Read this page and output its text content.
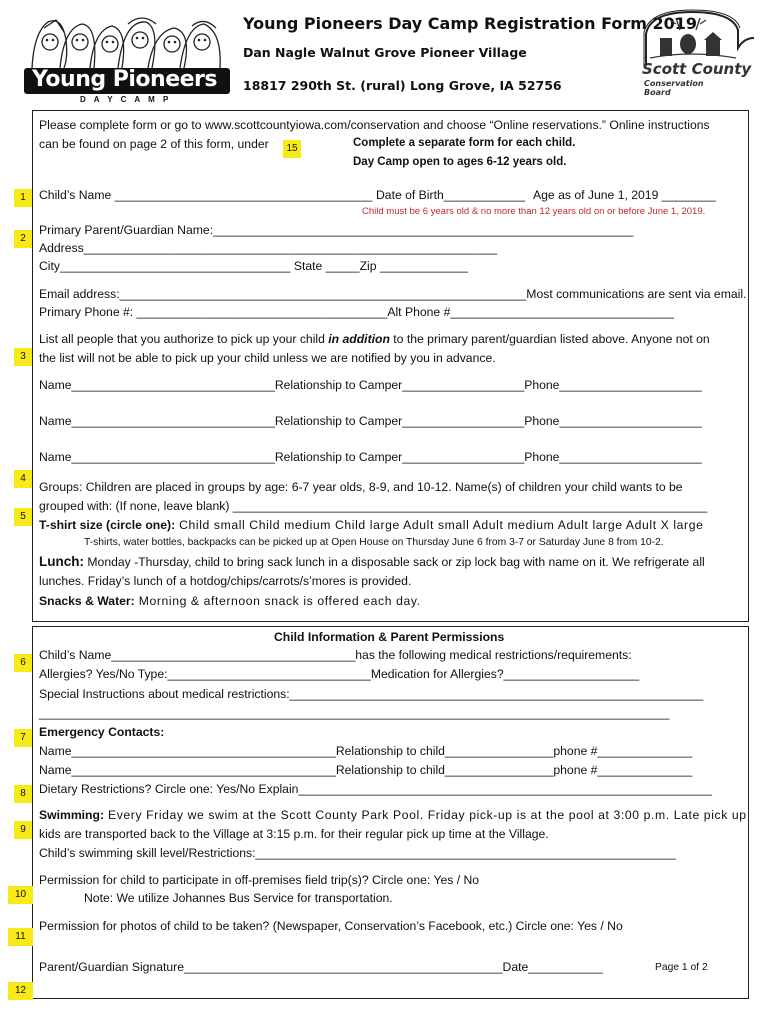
Young Pioneers
D A Y C A M P
Young Pioneers Day Camp Registration Form 2019
Dan Nagle Walnut Grove Pioneer Village
18817 290th St. (rural) Long Grove, IA 52756
Scott County
Conservation Board
Please complete form or go to www.scottcountyiowa.com/conservation and choose “Online reservations.” Online instructions
can be found on page 2 of this form, under	15	Complete a separate form for each child.
Day Camp open to ages 6-12 years old.
1	Child’s Name ______________________________________ Date of Birth____________ Age as of June 1, 2019 ________
Child must be 6 years old & no more than 12 years old on or before June 1, 2019.
2
Primary Parent/Guardian Name:______________________________________________________________
Address_____________________________________________________________
City__________________________________ State _____Zip _____________
Email address:____________________________________________________________Most communications are sent via email.
Primary Phone #: _____________________________________Alt Phone #_________________________________
3
List all people that you authorize to pick up your child in addition to the primary parent/guardian listed above. Anyone not on
the list will not be able to pick up your child unless we are notified by you in advance.
Name______________________________Relationship to Camper__________________Phone_____________________
Name______________________________Relationship to Camper__________________Phone_____________________
Name______________________________Relationship to Camper__________________Phone_____________________
4
Groups: Children are placed in groups by age: 6-7 year olds, 8-9, and 10-12. Name(s) of children your child wants to be
grouped with: (If none, leave blank) ______________________________________________________________________
5
T-shirt size (circle one): Child small Child medium Child large Adult small Adult medium Adult large Adult X large
T-shirts, water bottles, backpacks can be picked up at Open House on Thursday June 6 from 3-7 or Saturday June 8 from 10-2.
Lunch: Monday -Thursday, child to bring sack lunch in a disposable sack or zip lock bag with name on it. We refrigerate all
lunches. Friday’s lunch of a hotdog/chips/carrots/s’mores is provided.
Snacks & Water: Morning & afternoon snack is offered each day.
Child Information & Parent Permissions
6
Child’s Name____________________________________has the following medical restrictions/requirements:
Allergies? Yes/No Type:______________________________Medication for Allergies?____________________
Special Instructions about medical restrictions:_____________________________________________________________
_____________________________________________________________________________________________
7	Emergency Contacts:
Name_______________________________________Relationship to child________________phone #______________
Name_______________________________________Relationship to child________________phone #______________
8	Dietary Restrictions? Circle one: Yes/No Explain_____________________________________________________________
9
Swimming: Every Friday we swim at the Scott County Park Pool. Friday pick-up is at the pool at 3:00 p.m. Late pick up
kids are transported back to the Village at 3:15 p.m. for their regular pick up time at the Village.
Child’s swimming skill level/Restrictions:______________________________________________________________
10
Permission for child to participate in off-premises field trip(s)? Circle one: Yes / No
Note: We utilize Johannes Bus Service for transportation.
11
Permission for photos of child to be taken? (Newspaper, Conservation’s Facebook, etc.) Circle one: Yes / No
Parent/Guardian Signature_______________________________________________Date___________	Page 1 of 2
12
